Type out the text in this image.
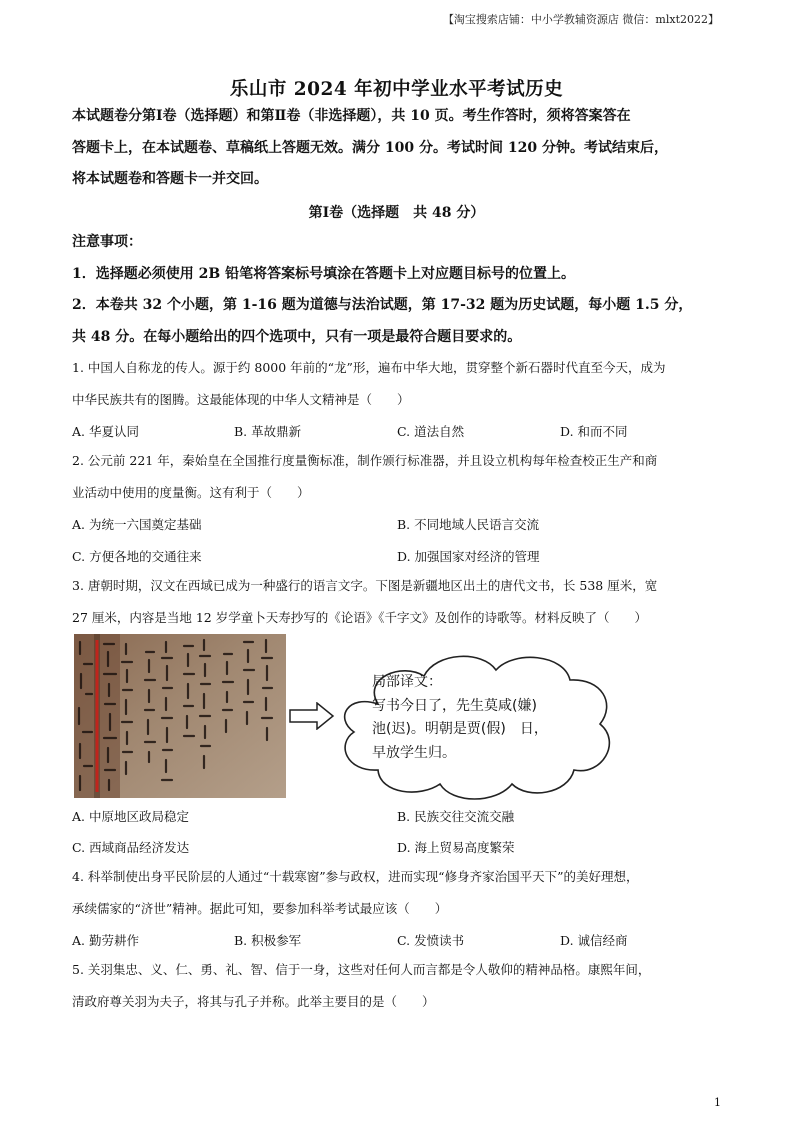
【淘宝搜索店铺：中小学教辅资源店 微信：mlxt2022】
乐山市 2024 年初中学业水平考试历史
本试题卷分第Ⅰ卷（选择题）和第Ⅱ卷（非选择题），共 10 页。考生作答时，须将答案答在
答题卡上，在本试题卷、草稿纸上答题无效。满分 100 分。考试时间 120 分钟。考试结束后，
将本试题卷和答题卡一并交回。
第Ⅰ卷（选择题　共 48 分）
注意事项：
1．选择题必须使用 2B 铅笔将答案标号填涂在答题卡上对应题目标号的位置上。
2．本卷共 32 个小题，第 1-16 题为道德与法治试题，第 17-32 题为历史试题，每小题 1.5 分，
共 48 分。在每小题给出的四个选项中，只有一项是最符合题目要求的。
1. 中国人自称龙的传人。源于约 8000 年前的“龙”形，遍布中华大地，贯穿整个新石器时代直至今天，成为
中华民族共有的图腾。这最能体现的中华人文精神是（　　）
A. 华夏认同	B. 革故鼎新	C. 道法自然	D. 和而不同
2. 公元前 221 年，秦始皇在全国推行度量衡标准，制作颁行标准器，并且设立机构每年检查校正生产和商
业活动中使用的度量衡。这有利于（　　）
A. 为统一六国奠定基础	B. 不同地域人民语言交流
C. 方便各地的交通往来	D. 加强国家对经济的管理
3. 唐朝时期，汉文在西域已成为一种盛行的语言文字。下图是新疆地区出土的唐代文书，长 538 厘米，宽
27 厘米，内容是当地 12 岁学童卜天寿抄写的《论语》《千字文》及创作的诗歌等。材料反映了（　　）
局部译文：
写书今日了，先生莫咸(嫌)
池(迟)。明朝是贾(假)　日，
早放学生归。
A. 中原地区政局稳定	B. 民族交往交流交融
C. 西域商品经济发达	D. 海上贸易高度繁荣
4. 科举制使出身平民阶层的人通过“十载寒窗”参与政权，进而实现“修身齐家治国平天下”的美好理想，
承续儒家的“济世”精神。据此可知，要参加科举考试最应该（　　）
A. 勤劳耕作	B. 积极参军	C. 发愤读书	D. 诚信经商
5. 关羽集忠、义、仁、勇、礼、智、信于一身，这些对任何人而言都是令人敬仰的精神品格。康熙年间，
清政府尊关羽为夫子，将其与孔子并称。此举主要目的是（　　）
1
